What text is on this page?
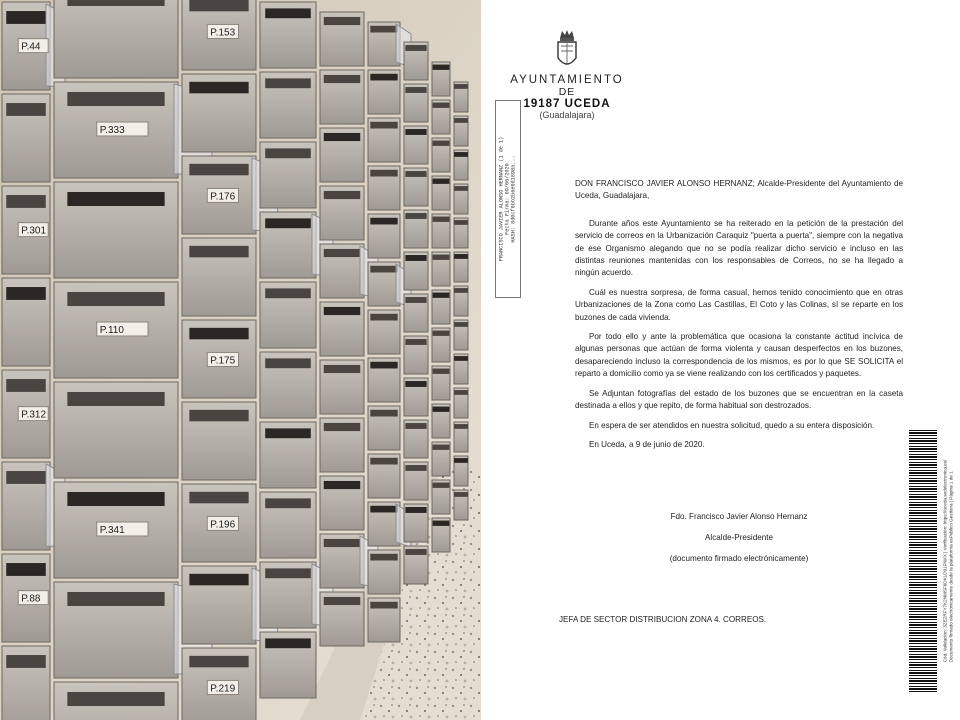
P.44
P.301
P.312
P.88
P.333
P.110
P.341
P.153
P.176
P.175
P.196
P.219
AYUNTAMIENTO
DE
19187 UCEDA
(Guadalajara)
FRANCISCO JAVIER ALONSO HERNANZ (1 de 1) Fecha Firma: 09/06/2020 HASH: 8d0cf0bb2b6e0d1898a...	DON FRANCISCO JAVIER ALONSO HERNANZ; Alcalde-Presidente del Ayuntamiento de Uceda, Guadalajara,

Durante años este Ayuntamiento se ha reiterado en la petición de la prestación del servicio de correos en la Urbanización Caraquiz "puerta a puerta", siempre con la negativa de ese Organismo alegando que no se podía realizar dicho servicio e incluso en las distintas reuniones mantenidas con los responsables de Correos, no se ha llegado a ningún acuerdo.

Cuál es nuestra sorpresa, de forma casual, hemos tenido conocimiento que en otras Urbanizaciones de la Zona como Las Castillas, El Coto y las Colinas, sí se reparte en los buzones de cada vivienda.

Por todo ello y ante la problemática que ocasiona la constante actitud incívica de algunas personas que actúan de forma violenta y causan desperfectos en los buzones, desapareciendo incluso la correspondencia de los mismos, es por lo que SE SOLICITA el reparto a domicilio como ya se viene realizando con los certificados y paquetes.

Se Adjuntan fotografías del estado de los buzones que se encuentran en la caseta destinada a ellos y que repito, de forma habitual son destrozados.

En espera de ser atendidos en nuestra solicitud, quedo a su entera disposición.

En Uceda, a 9 de junio de 2020.

Fdo. Francisco Javier Alonso Hernanz
Alcalde-Presidente
(documento firmado electrónicamente)
JEFA DE SECTOR DISTRIBUCION ZONA 4. CORREOS.	Cód. Validación: 3ZEZRFY7K2NMSF6DK1D91FNXX | Verificación: https://uceda.sedelectronica.es/ Documento firmado electrónicamente desde la plataforma esPublico Gestiona | Página 1 de 1
